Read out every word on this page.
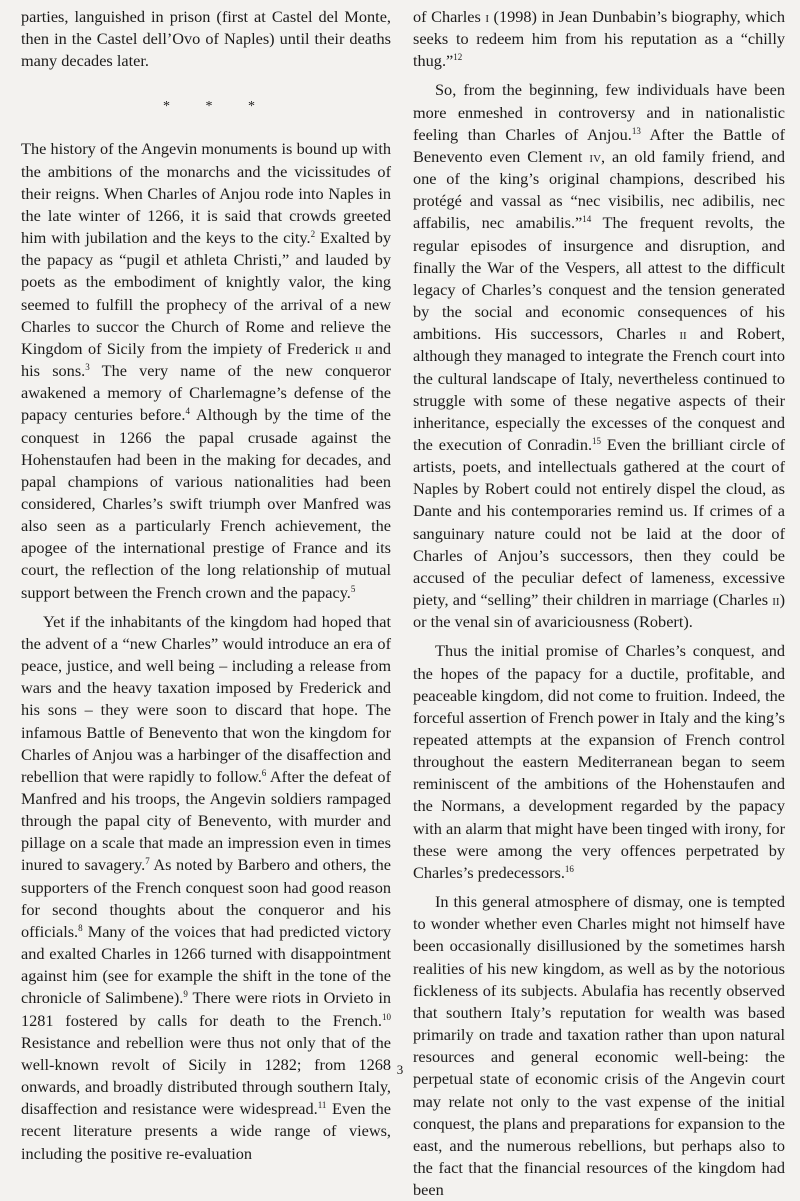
parties, languished in prison (first at Castel del Monte, then in the Castel dell’Ovo of Naples) until their deaths many decades later.

* * *

The history of the Angevin monuments is bound up with the ambitions of the monarchs and the vicissitudes of their reigns. When Charles of Anjou rode into Naples in the late winter of 1266, it is said that crowds greeted him with jubilation and the keys to the city.$^2$ Exalted by the papacy as “pugil et athleta Christi,” and lauded by poets as the embodiment of knightly valor, the king seemed to fulfill the prophecy of the arrival of a new Charles to succor the Church of Rome and relieve the Kingdom of Sicily from the impiety of Frederick ii and his sons.$^3$ The very name of the new conqueror awakened a memory of Charlemagne’s defense of the papacy centuries before.$^4$ Although by the time of the conquest in 1266 the papal crusade against the Hohenstaufen had been in the making for decades, and papal champions of various nationalities had been considered, Charles’s swift triumph over Manfred was also seen as a particularly French achievement, the apogee of the international prestige of France and its court, the reflection of the long relationship of mutual support between the French crown and the papacy.$^5$

Yet if the inhabitants of the kingdom had hoped that the advent of a “new Charles” would introduce an era of peace, justice, and well being – including a release from wars and the heavy taxation imposed by Frederick and his sons – they were soon to discard that hope. The infamous Battle of Benevento that won the kingdom for Charles of Anjou was a harbinger of the disaffection and rebellion that were rapidly to follow.$^6$ After the defeat of Manfred and his troops, the Angevin soldiers rampaged through the papal city of Benevento, with murder and pillage on a scale that made an impression even in times inured to savagery.$^7$ As noted by Barbero and others, the supporters of the French conquest soon had good reason for second thoughts about the conqueror and his officials.$^8$ Many of the voices that had predicted victory and exalted Charles in 1266 turned with disappointment against him (see for example the shift in the tone of the chronicle of Salimbene).$^9$ There were riots in Orvieto in 1281 fostered by calls for death to the French.$^{10}$ Resistance and rebellion were thus not only that of the well-known revolt of Sicily in 1282; from 1268 onwards, and broadly distributed through southern Italy, disaffection and resistance were widespread.$^{11}$ Even the recent literature presents a wide range of views, including the positive re-evaluation

of Charles i (1998) in Jean Dunbabin’s biography, which seeks to redeem him from his reputation as a “chilly thug.”$^{12}$

So, from the beginning, few individuals have been more enmeshed in controversy and in nationalistic feeling than Charles of Anjou.$^{13}$ After the Battle of Benevento even Clement iv, an old family friend, and one of the king’s original champions, described his protégé and vassal as “nec visibilis, nec adibilis, nec affabilis, nec amabilis.”$^{14}$ The frequent revolts, the regular episodes of insurgence and disruption, and finally the War of the Vespers, all attest to the difficult legacy of Charles’s conquest and the tension generated by the social and economic consequences of his ambitions. His successors, Charles ii and Robert, although they managed to integrate the French court into the cultural landscape of Italy, nevertheless continued to struggle with some of these negative aspects of their inheritance, especially the excesses of the conquest and the execution of Conradin.$^{15}$ Even the brilliant circle of artists, poets, and intellectuals gathered at the court of Naples by Robert could not entirely dispel the cloud, as Dante and his contemporaries remind us. If crimes of a sanguinary nature could not be laid at the door of Charles of Anjou’s successors, then they could be accused of the peculiar defect of lameness, excessive piety, and “selling” their children in marriage (Charles ii) or the venal sin of avariciousness (Robert).

Thus the initial promise of Charles’s conquest, and the hopes of the papacy for a ductile, profitable, and peaceable kingdom, did not come to fruition. Indeed, the forceful assertion of French power in Italy and the king’s repeated attempts at the expansion of French control throughout the eastern Mediterranean began to seem reminiscent of the ambitions of the Hohenstaufen and the Normans, a development regarded by the papacy with an alarm that might have been tinged with irony, for these were among the very offences perpetrated by Charles’s predecessors.$^{16}$

In this general atmosphere of dismay, one is tempted to wonder whether even Charles might not himself have been occasionally disillusioned by the sometimes harsh realities of his new kingdom, as well as by the notorious fickleness of its subjects. Abulafia has recently observed that southern Italy’s reputation for wealth was based primarily on trade and taxation rather than upon natural resources and general economic well-being: the perpetual state of economic crisis of the Angevin court may relate not only to the vast expense of the initial conquest, the plans and preparations for expansion to the east, and the numerous rebellions, but perhaps also to the fact that the financial resources of the kingdom had been

3
